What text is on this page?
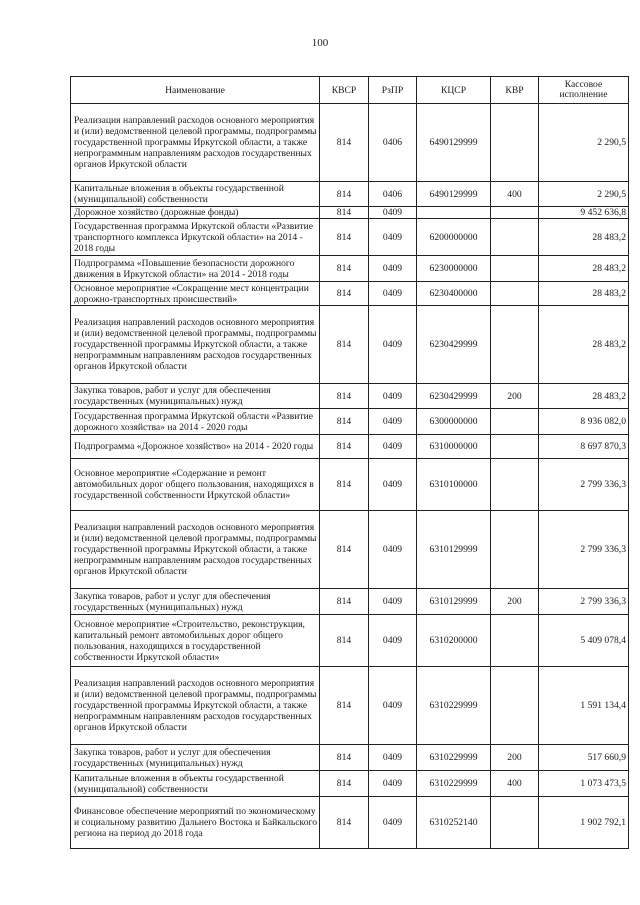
100
Наименование	КВСР	РзПР	КЦСР	КВР	Кассовое исполнение
Реализация направлений расходов основного мероприятия и (или) ведомственной целевой программы, подпрограммы государственной программы Иркутской области, а также непрограммным направлениям расходов государственных органов Иркутской области	814	0406	6490129999		2 290,5
Капитальные вложения в объекты государственной (муниципальной) собственности	814	0406	6490129999	400	2 290,5
Дорожное хозяйство (дорожные фонды)	814	0409			9 452 636,8
Государственная программа Иркутской области «Развитие транспортного комплекса Иркутской области» на 2014 - 2018 годы	814	0409	6200000000		28 483,2
Подпрограмма «Повышение безопасности дорожного движения в Иркутской области» на 2014 - 2018 годы	814	0409	6230000000		28 483,2
Основное мероприятие «Сокращение мест концентрации дорожно-транспортных происшествий»	814	0409	6230400000		28 483,2
Реализация направлений расходов основного мероприятия и (или) ведомственной целевой программы, подпрограммы государственной программы Иркутской области, а также непрограммным направлениям расходов государственных органов Иркутской области	814	0409	6230429999		28 483,2
Закупка товаров, работ и услуг для обеспечения государственных (муниципальных) нужд	814	0409	6230429999	200	28 483,2
Государственная программа Иркутской области «Развитие дорожного хозяйства» на 2014 - 2020 годы	814	0409	6300000000		8 936 082,0
Подпрограмма «Дорожное хозяйство» на 2014 - 2020 годы	814	0409	6310000000		8 697 870,3
Основное мероприятие «Содержание и ремонт автомобильных дорог общего пользования, находящихся в государственной собственности Иркутской области»	814	0409	6310100000		2 799 336,3
Реализация направлений расходов основного мероприятия и (или) ведомственной целевой программы, подпрограммы государственной программы Иркутской области, а также непрограммным направлениям расходов государственных органов Иркутской области	814	0409	6310129999		2 799 336,3
Закупка товаров, работ и услуг для обеспечения государственных (муниципальных) нужд	814	0409	6310129999	200	2 799 336,3
Основное мероприятие «Строительство, реконструкция, капитальный ремонт автомобильных дорог общего пользования, находящихся в государственной собственности Иркутской области»	814	0409	6310200000		5 409 078,4
Реализация направлений расходов основного мероприятия и (или) ведомственной целевой программы, подпрограммы государственной программы Иркутской области, а также непрограммным направлениям расходов государственных органов Иркутской области	814	0409	6310229999		1 591 134,4
Закупка товаров, работ и услуг для обеспечения государственных (муниципальных) нужд	814	0409	6310229999	200	517 660,9
Капитальные вложения в объекты государственной (муниципальной) собственности	814	0409	6310229999	400	1 073 473,5
Финансовое обеспечение мероприятий по экономическому и социальному развитию Дальнего Востока и Байкальского региона на период до 2018 года	814	0409	6310252140		1 902 792,1
